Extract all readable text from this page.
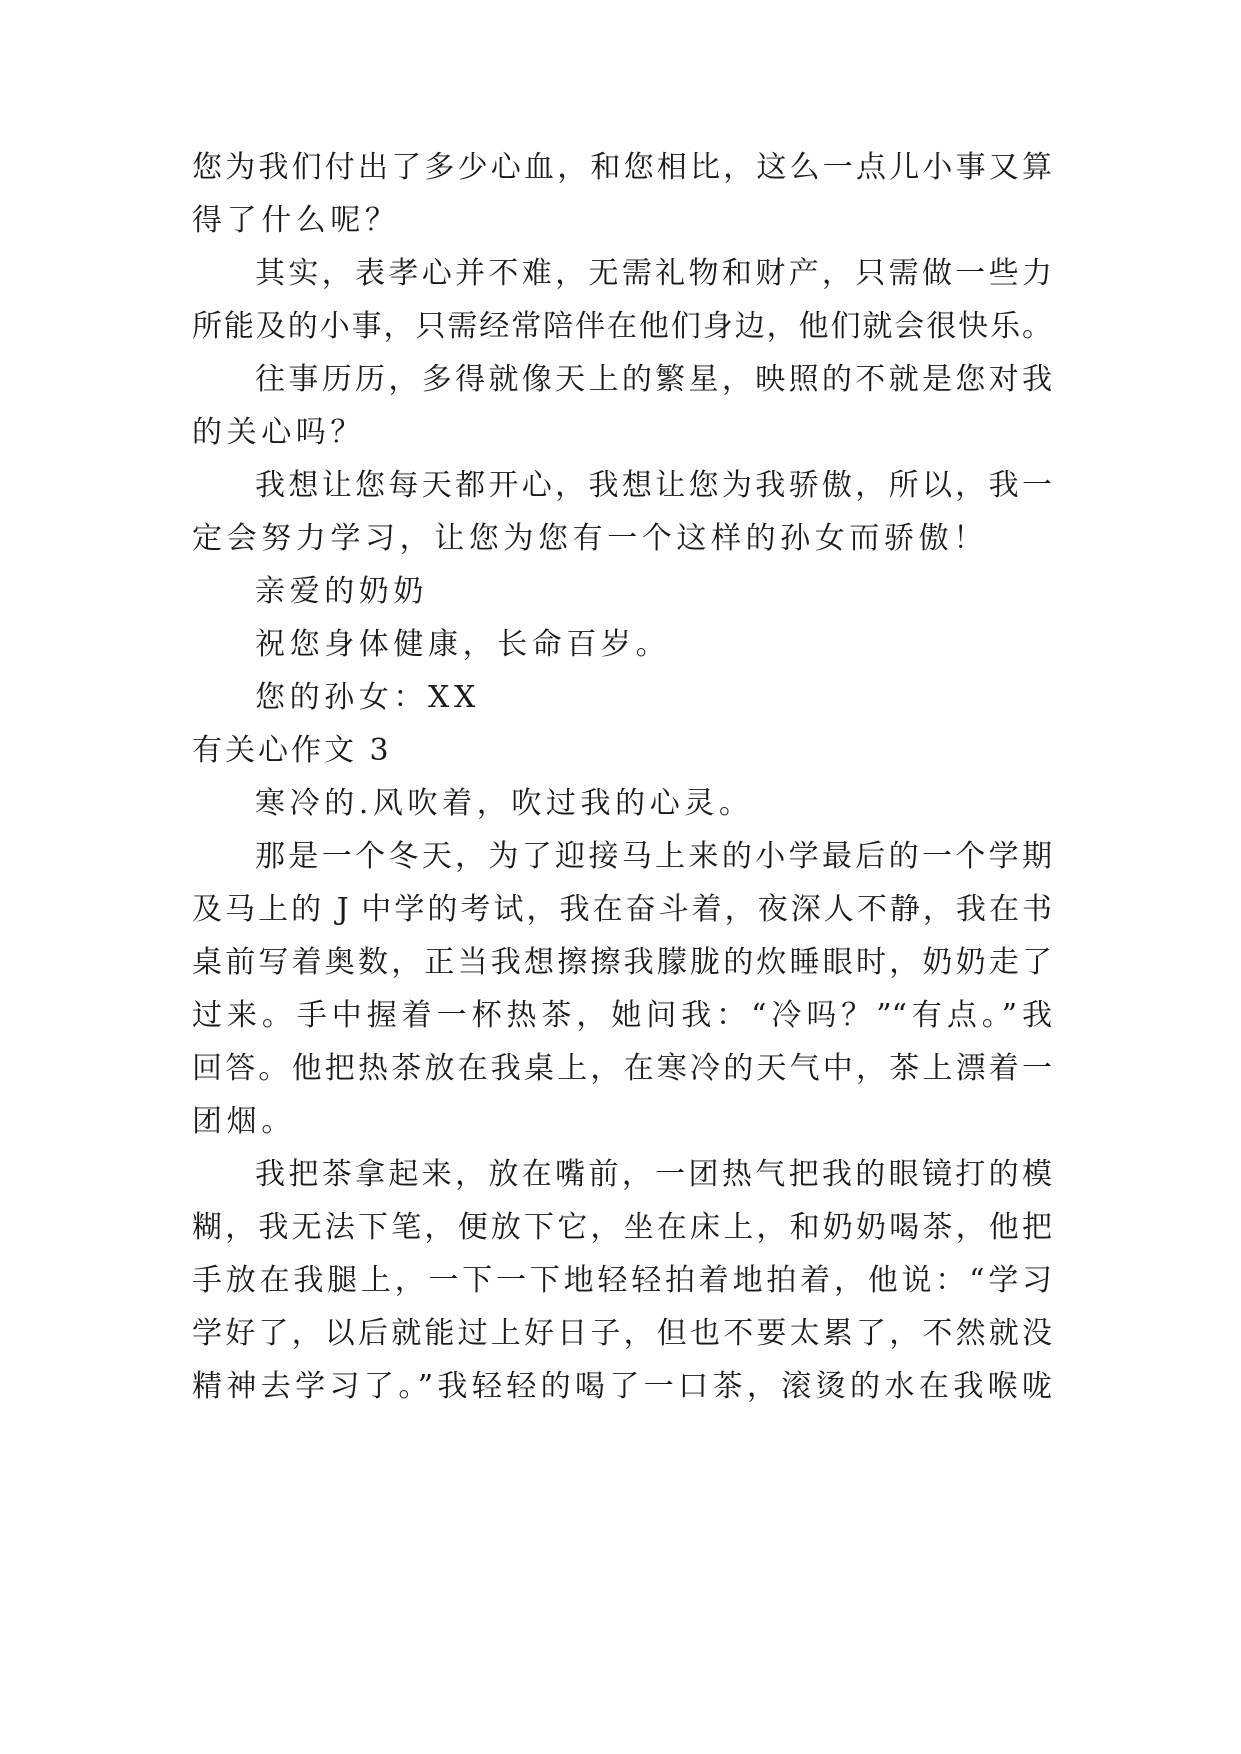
您为我们付出了多少心血，和您相比，这么一点儿小事又算
得了什么呢？
其实，表孝心并不难，无需礼物和财产，只需做一些力
所能及的小事，只需经常陪伴在他们身边，他们就会很快乐。
往事历历，多得就像天上的繁星，映照的不就是您对我
的关心吗？
我想让您每天都开心，我想让您为我骄傲，所以，我一
定会努力学习，让您为您有一个这样的孙女而骄傲！
亲爱的奶奶
祝您身体健康，长命百岁。
您的孙女：XX
有关心作文 3
寒冷的.风吹着，吹过我的心灵。
那是一个冬天，为了迎接马上来的小学最后的一个学期
及马上的 J 中学的考试，我在奋斗着，夜深人不静，我在书
桌前写着奥数，正当我想擦擦我朦胧的炊睡眼时，奶奶走了
过来。手中握着一杯热茶，她问我：“冷吗？”“有点。”我
回答。他把热茶放在我桌上，在寒冷的天气中，茶上漂着一
团烟。
我把茶拿起来，放在嘴前，一团热气把我的眼镜打的模
糊，我无法下笔，便放下它，坐在床上，和奶奶喝茶，他把
手放在我腿上，一下一下地轻轻拍着地拍着，他说：“学习
学好了，以后就能过上好日子，但也不要太累了，不然就没
精神去学习了。”我轻轻的喝了一口茶，滚烫的水在我喉咙
